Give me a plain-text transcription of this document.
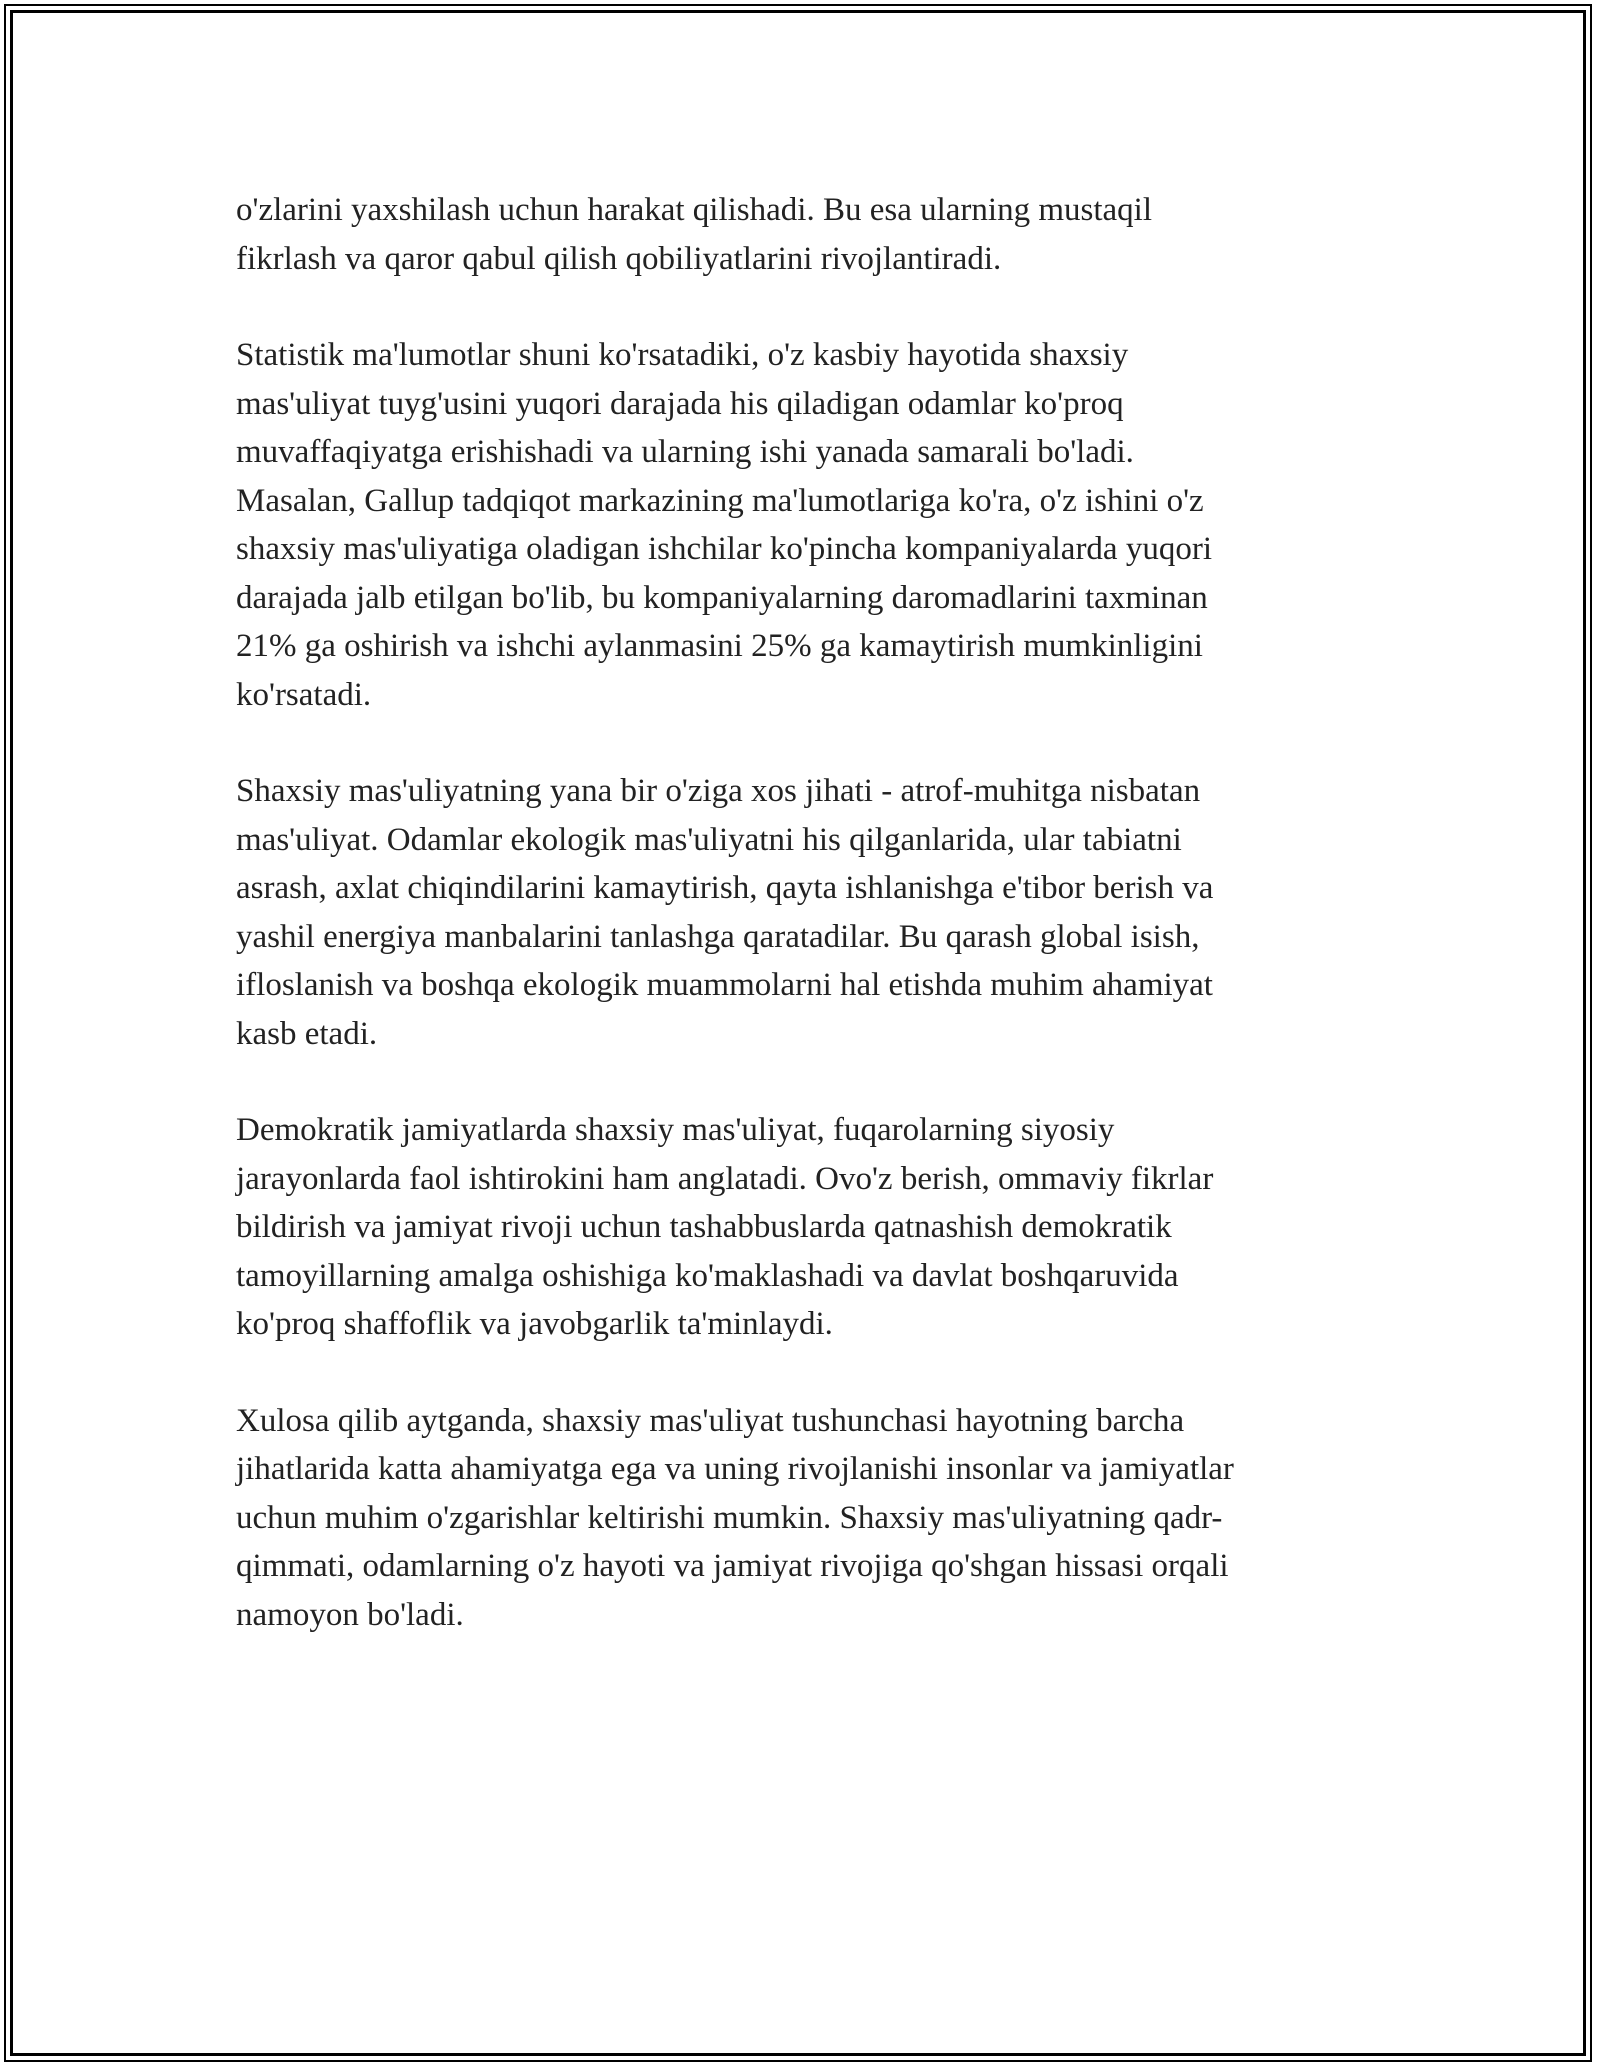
o'zlarini yaxshilash uchun harakat qilishadi. Bu esa ularning mustaqil
fikrlash va qaror qabul qilish qobiliyatlarini rivojlantiradi.

Statistik ma'lumotlar shuni ko'rsatadiki, o'z kasbiy hayotida shaxsiy
mas'uliyat tuyg'usini yuqori darajada his qiladigan odamlar ko'proq
muvaffaqiyatga erishishadi va ularning ishi yanada samarali bo'ladi.
Masalan, Gallup tadqiqot markazining ma'lumotlariga ko'ra, o'z ishini o'z
shaxsiy mas'uliyatiga oladigan ishchilar ko'pincha kompaniyalarda yuqori
darajada jalb etilgan bo'lib, bu kompaniyalarning daromadlarini taxminan
21% ga oshirish va ishchi aylanmasini 25% ga kamaytirish mumkinligini
ko'rsatadi.

Shaxsiy mas'uliyatning yana bir o'ziga xos jihati - atrof-muhitga nisbatan
mas'uliyat. Odamlar ekologik mas'uliyatni his qilganlarida, ular tabiatni
asrash, axlat chiqindilarini kamaytirish, qayta ishlanishga e'tibor berish va
yashil energiya manbalarini tanlashga qaratadilar. Bu qarash global isish,
ifloslanish va boshqa ekologik muammolarni hal etishda muhim ahamiyat
kasb etadi.

Demokratik jamiyatlarda shaxsiy mas'uliyat, fuqarolarning siyosiy
jarayonlarda faol ishtirokini ham anglatadi. Ovo'z berish, ommaviy fikrlar
bildirish va jamiyat rivoji uchun tashabbuslarda qatnashish demokratik
tamoyillarning amalga oshishiga ko'maklashadi va davlat boshqaruvida
ko'proq shaffoflik va javobgarlik ta'minlaydi.

Xulosa qilib aytganda, shaxsiy mas'uliyat tushunchasi hayotning barcha
jihatlarida katta ahamiyatga ega va uning rivojlanishi insonlar va jamiyatlar
uchun muhim o'zgarishlar keltirishi mumkin. Shaxsiy mas'uliyatning qadr-
qimmati, odamlarning o'z hayoti va jamiyat rivojiga qo'shgan hissasi orqali
namoyon bo'ladi.
